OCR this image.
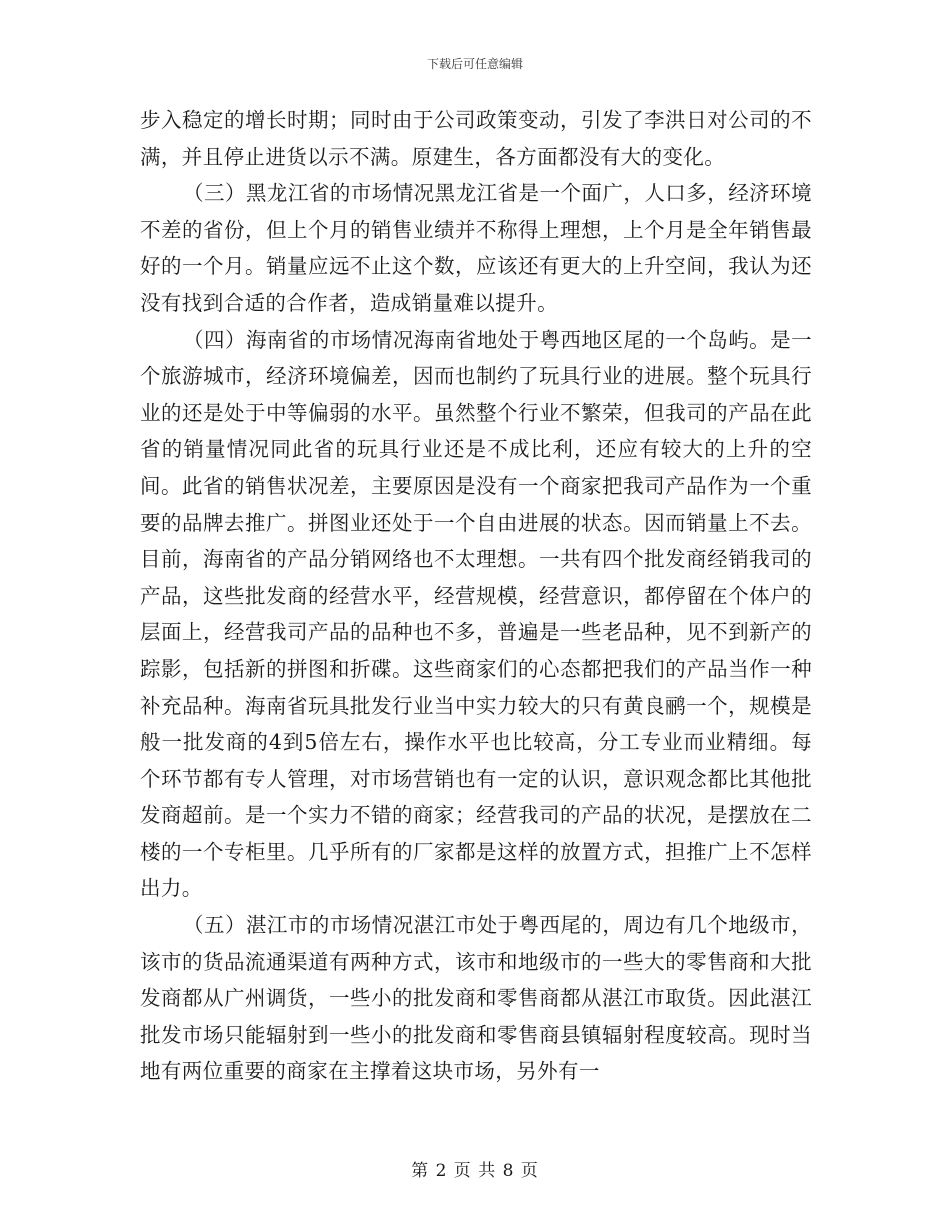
下载后可任意编辑

步入稳定的增长时期；同时由于公司政策变动，引发了李洪日对公司的不满，并且停止进货以示不满。原建生，各方面都没有大的变化。

（三）黑龙江省的市场情况黑龙江省是一个面广，人口多，经济环境不差的省份，但上个月的销售业绩并不称得上理想，上个月是全年销售最好的一个月。销量应远不止这个数，应该还有更大的上升空间，我认为还没有找到合适的合作者，造成销量难以提升。

（四）海南省的市场情况海南省地处于粤西地区尾的一个岛屿。是一个旅游城市，经济环境偏差，因而也制约了玩具行业的进展。整个玩具行业的还是处于中等偏弱的水平。虽然整个行业不繁荣，但我司的产品在此省的销量情况同此省的玩具行业还是不成比利，还应有较大的上升的空间。此省的销售状况差，主要原因是没有一个商家把我司产品作为一个重要的品牌去推广。拼图业还处于一个自由进展的状态。因而销量上不去。目前，海南省的产品分销网络也不太理想。一共有四个批发商经销我司的产品，这些批发商的经营水平，经营规模，经营意识，都停留在个体户的层面上，经营我司产品的品种也不多，普遍是一些老品种，见不到新产的踪影，包括新的拼图和折碟。这些商家们的心态都把我们的产品当作一种补充品种。海南省玩具批发行业当中实力较大的只有黄良鹂一个，规模是般一批发商的4到5倍左右，操作水平也比较高，分工专业而业精细。每个环节都有专人管理，对市场营销也有一定的认识，意识观念都比其他批发商超前。是一个实力不错的商家；经营我司的产品的状况，是摆放在二楼的一个专柜里。几乎所有的厂家都是这样的放置方式，担推广上不怎样出力。

（五）湛江市的市场情况湛江市处于粤西尾的，周边有几个地级市，该市的货品流通渠道有两种方式，该市和地级市的一些大的零售商和大批发商都从广州调货，一些小的批发商和零售商都从湛江市取货。因此湛江批发市场只能辐射到一些小的批发商和零售商县镇辐射程度较高。现时当地有两位重要的商家在主撑着这块市场，另外有一

第 2 页 共 8 页
